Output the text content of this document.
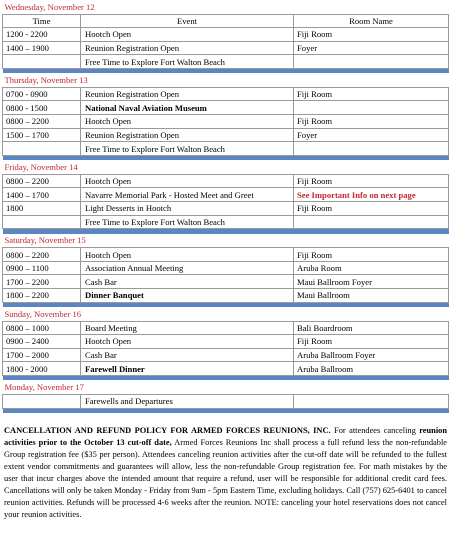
Wednesday, November 12		
Time	Event	Room Name
1200 - 2200	Hootch Open	Fiji Room
1400 – 1900	Reunion Registration Open	Foyer
	Free Time to Explore Fort Walton Beach	

Thursday, November 13		
0700 - 0900	Reunion Registration Open	Fiji Room
0800 - 1500	National Naval Aviation Museum	
0800 – 2200	Hootch Open	Fiji Room
1500 – 1700	Reunion Registration Open	Foyer
	Free Time to Explore Fort Walton Beach	

Friday, November 14		
0800 – 2200	Hootch Open	Fiji Room
1400 – 1700	Navarre Memorial Park - Hosted Meet and Greet	See Important Info on next page
1800	Light Desserts in Hootch	Fiji Room
	Free Time to Explore Fort Walton Beach	

Saturday, November 15		
0800 – 2200	Hootch Open	Fiji Room
0900 – 1100	Association Annual Meeting	Aruba Room
1700 – 2200	Cash Bar	Maui Ballroom Foyer
1800 – 2200	Dinner Banquet	Maui Ballroom

Sunday, November 16		
0800 – 1000	Board Meeting	Bali Boardroom
0900 – 2400	Hootch Open	Fiji Room
1700 – 2000	Cash Bar	Aruba Ballroom Foyer
1800 - 2000	Farewell Dinner	Aruba Ballroom

Monday, November 17		
	Farewells and Departures	

CANCELLATION AND REFUND POLICY FOR ARMED FORCES REUNIONS, INC. For attendees canceling reunion activities prior to the October 13 cut-off date, Armed Forces Reunions Inc shall process a full refund less the non-refundable Group registration fee ($35 per person). Attendees canceling reunion activities after the cut-off date will be refunded to the fullest extent vendor commitments and guarantees will allow, less the non-refundable Group registration fee. For math mistakes by the user that incur charges above the intended amount that require a refund, user will be responsible for additional credit card fees. Cancellations will only be taken Monday - Friday from 9am - 5pm Eastern Time, excluding holidays. Call (757) 625-6401 to cancel reunion activities. Refunds will be processed 4-6 weeks after the reunion. NOTE: canceling your hotel reservations does not cancel your reunion activities.
